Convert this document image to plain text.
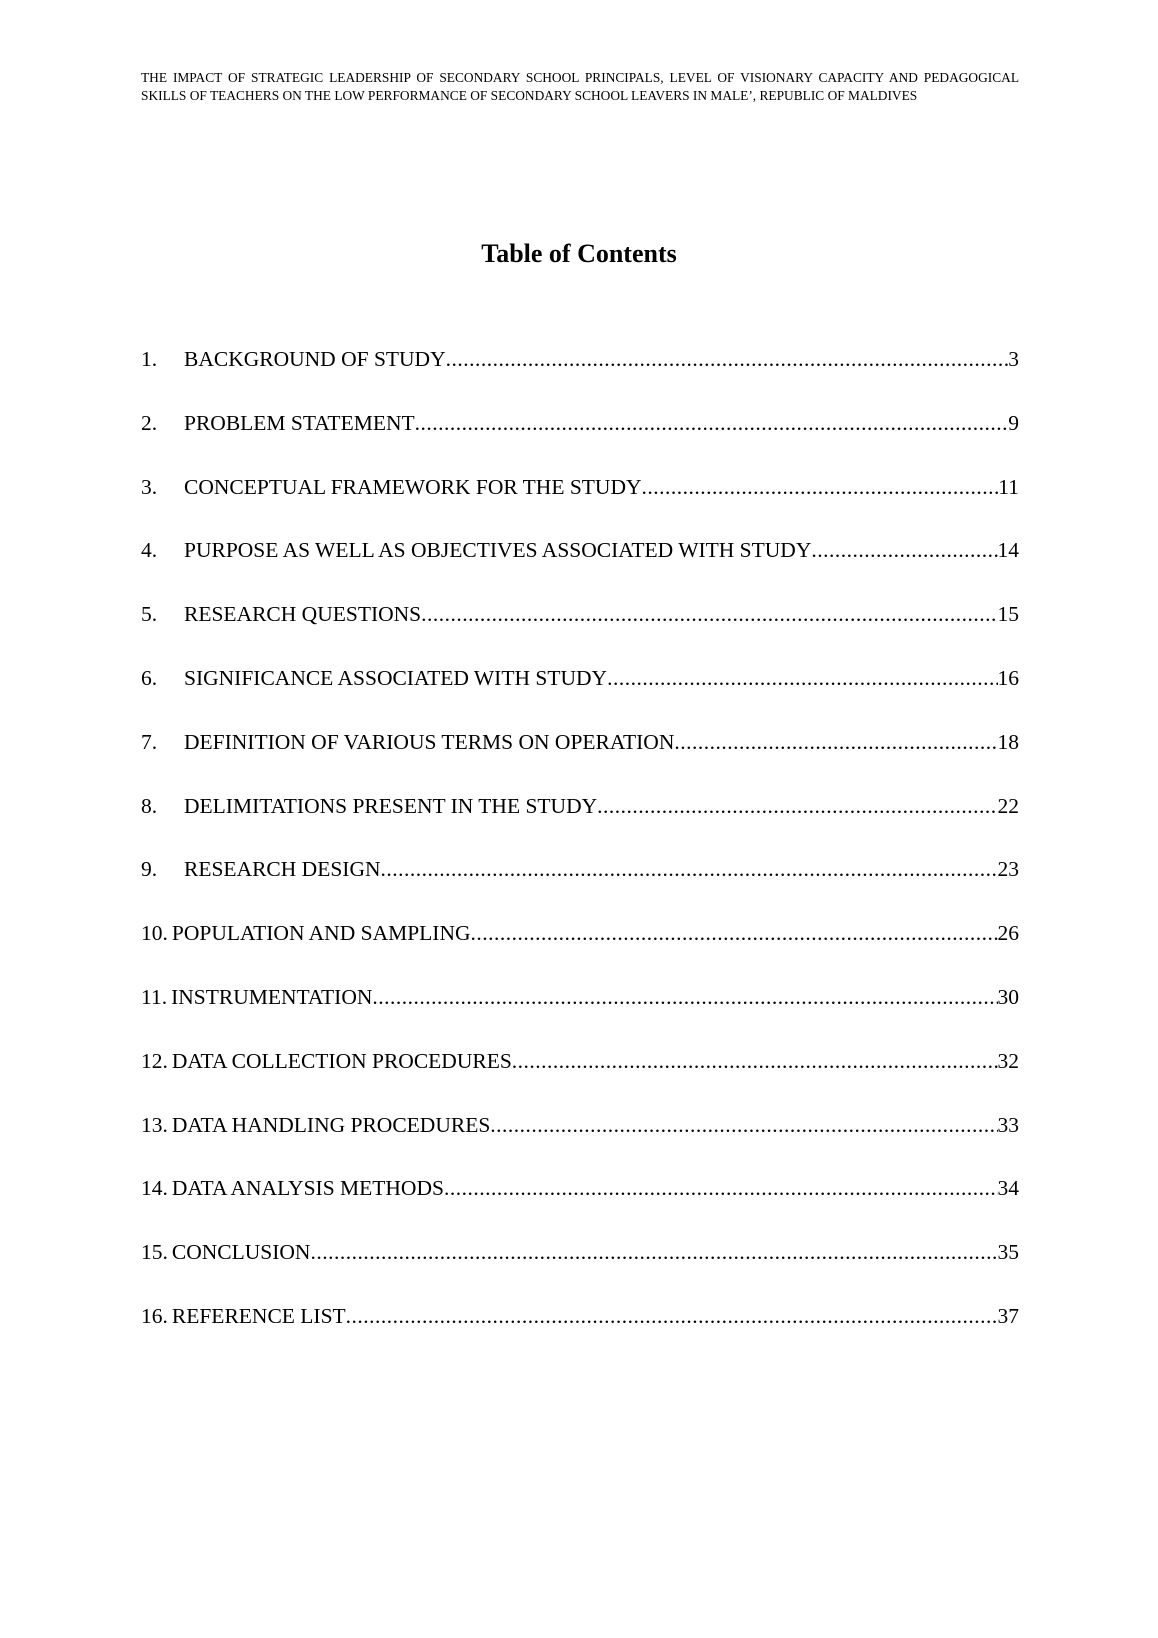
THE IMPACT OF STRATEGIC LEADERSHIP OF SECONDARY SCHOOL PRINCIPALS, LEVEL OF VISIONARY CAPACITY AND PEDAGOGICAL SKILLS OF TEACHERS ON THE LOW PERFORMANCE OF SECONDARY SCHOOL LEAVERS IN MALE’, REPUBLIC OF MALDIVES
Table of Contents
1.	BACKGROUND OF STUDY .....	3
2.	PROBLEM STATEMENT .....	9
3.	CONCEPTUAL FRAMEWORK FOR THE STUDY .....	11
4.	PURPOSE AS WELL AS OBJECTIVES ASSOCIATED WITH STUDY .....	14
5.	RESEARCH QUESTIONS .....	15
6.	SIGNIFICANCE ASSOCIATED WITH STUDY .....	16
7.	DEFINITION OF VARIOUS TERMS ON OPERATION .....	18
8.	DELIMITATIONS PRESENT IN THE STUDY .....	22
9.	RESEARCH DESIGN .....	23
10. POPULATION AND SAMPLING .....	26
11. INSTRUMENTATION .....	30
12. DATA COLLECTION PROCEDURES .....	32
13. DATA HANDLING PROCEDURES .....	33
14. DATA ANALYSIS METHODS .....	34
15. CONCLUSION .....	35
16. REFERENCE LIST .....	37
